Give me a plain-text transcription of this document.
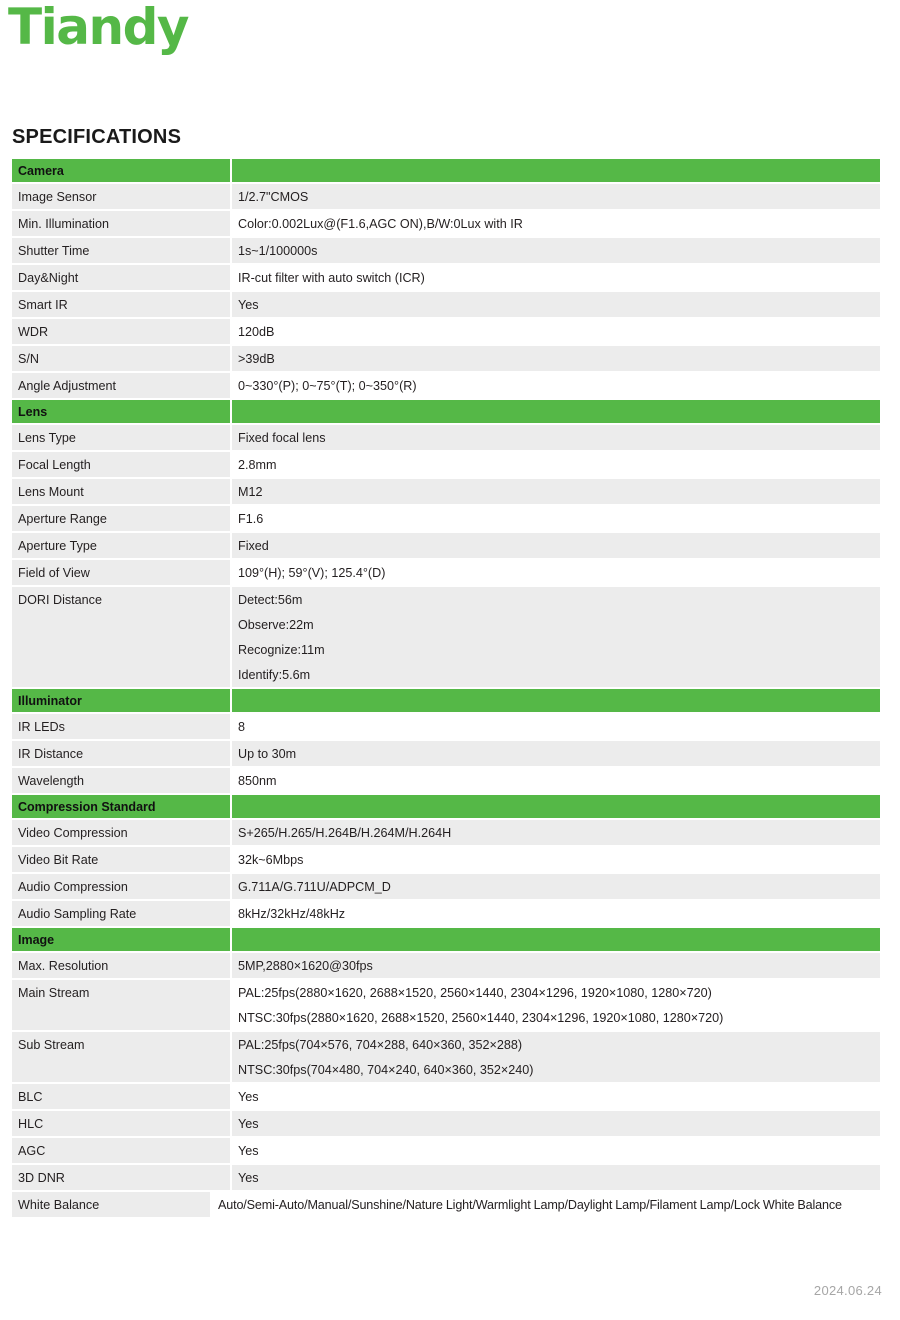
Tiandy
SPECIFICATIONS
Camera
Image Sensor	1/2.7"CMOS
Min. Illumination	Color:0.002Lux@(F1.6,AGC ON),B/W:0Lux with IR
Shutter Time	1s~1/100000s
Day&Night	IR-cut filter with auto switch (ICR)
Smart IR	Yes
WDR	120dB
S/N	>39dB
Angle Adjustment	0~330°(P); 0~75°(T); 0~350°(R)
Lens
Lens Type	Fixed focal lens
Focal Length	2.8mm
Lens Mount	M12
Aperture Range	F1.6
Aperture Type	Fixed
Field of View	109°(H); 59°(V); 125.4°(D)
DORI Distance	Detect:56m
Observe:22m
Recognize:11m
Identify:5.6m
Illuminator
IR LEDs	8
IR Distance	Up to 30m
Wavelength	850nm
Compression Standard
Video Compression	S+265/H.265/H.264B/H.264M/H.264H
Video Bit Rate	32k~6Mbps
Audio Compression	G.711A/G.711U/ADPCM_D
Audio Sampling Rate	8kHz/32kHz/48kHz
Image
Max. Resolution	5MP,2880×1620@30fps
Main Stream	PAL:25fps(2880×1620, 2688×1520, 2560×1440, 2304×1296, 1920×1080, 1280×720)
NTSC:30fps(2880×1620, 2688×1520, 2560×1440, 2304×1296, 1920×1080, 1280×720)
Sub Stream	PAL:25fps(704×576, 704×288, 640×360, 352×288)
NTSC:30fps(704×480, 704×240, 640×360, 352×240)
BLC	Yes
HLC	Yes
AGC	Yes
3D DNR	Yes
White Balance	Auto/Semi-Auto/Manual/Sunshine/Nature Light/Warmlight Lamp/Daylight Lamp/Filament Lamp/Lock White Balance
2024.06.24
